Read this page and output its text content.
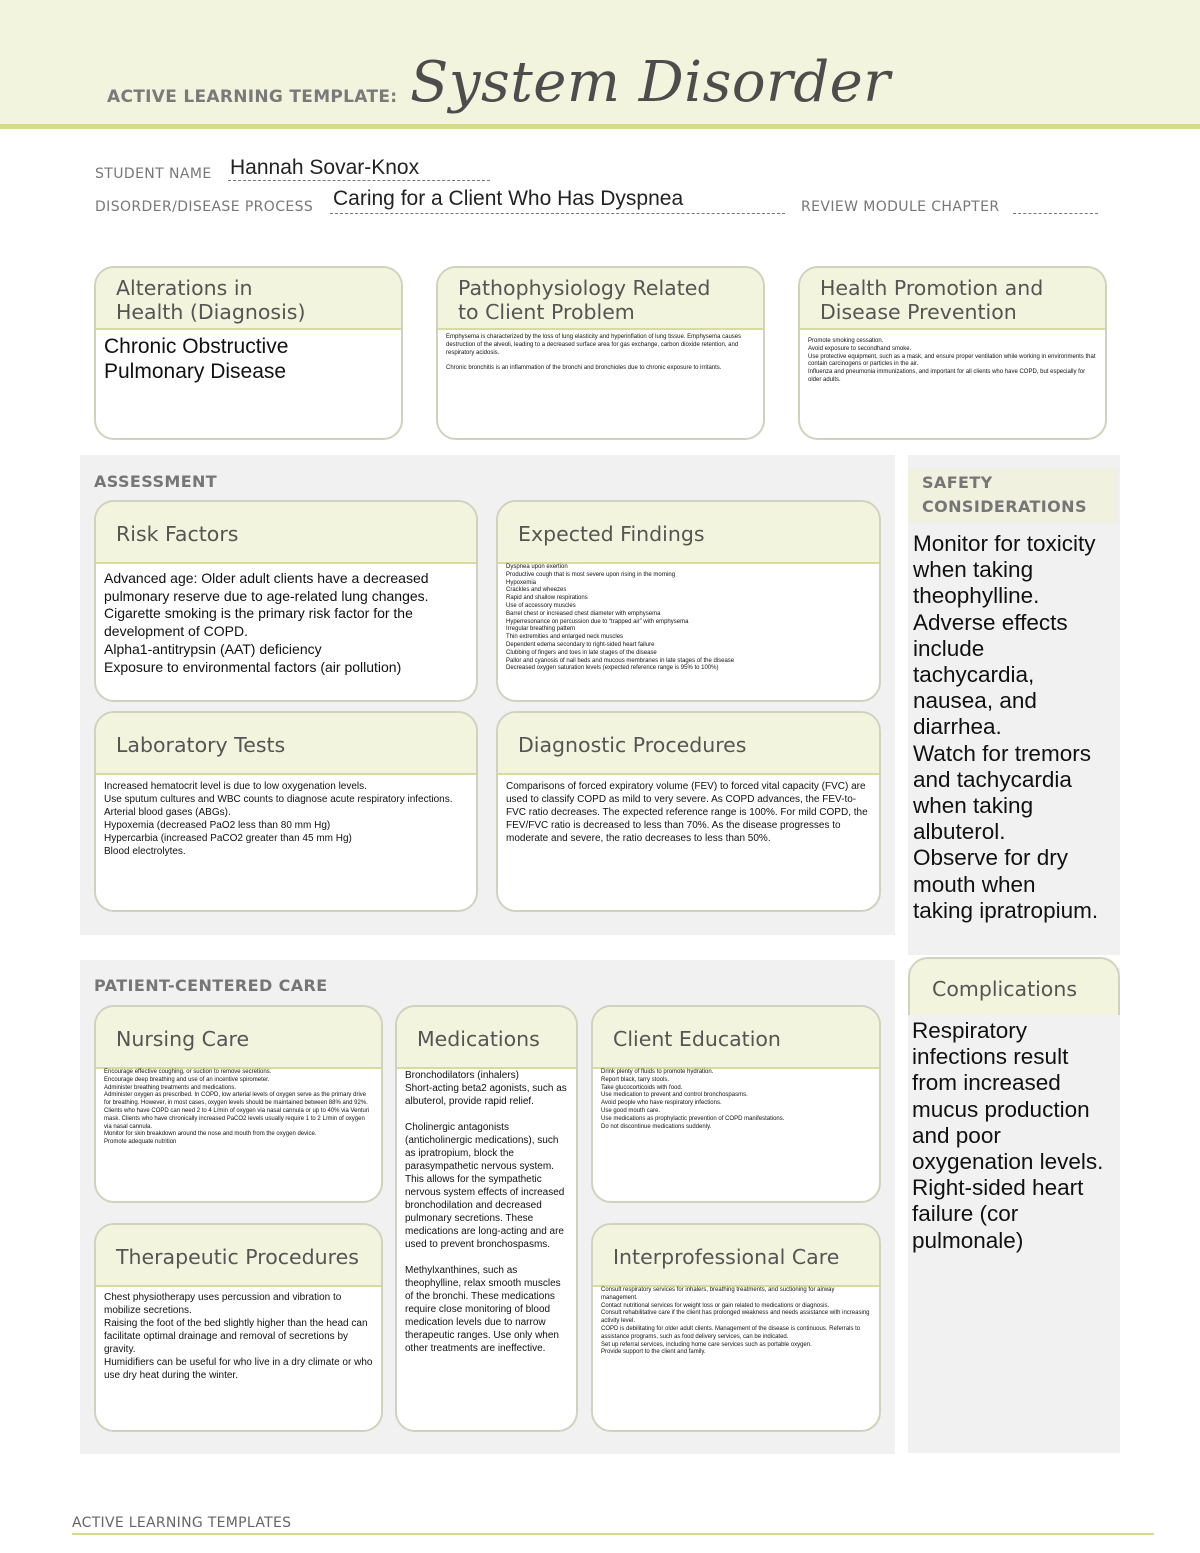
ACTIVE LEARNING TEMPLATE: System Disorder
STUDENT NAME Hannah Sovar-Knox
DISORDER/DISEASE PROCESS Caring for a Client Who Has Dyspnea	REVIEW MODULE CHAPTER
Alterations in
Health (Diagnosis)
Chronic Obstructive
Pulmonary Disease
Pathophysiology Related
to Client Problem
Emphysema is characterized by the loss of lung elasticity and hyperinflation of lung tissue. Emphysema causes destruction of the alveoli, leading to a decreased surface area for gas exchange, carbon dioxide retention, and respiratory acidosis.

Chronic bronchitis is an inflammation of the bronchi and bronchioles due to chronic exposure to irritants.
Health Promotion and
Disease Prevention
Promote smoking cessation.
Avoid exposure to secondhand smoke.
Use protective equipment, such as a mask, and ensure proper ventilation while working in environments that contain carcinogens or particles in the air.
Influenza and pneumonia immunizations, and important for all clients who have COPD, but especially for older adults.
ASSESSMENT
Risk Factors
Advanced age: Older adult clients have a decreased pulmonary reserve due to age-related lung changes.
Cigarette smoking is the primary risk factor for the development of COPD.
Alpha1-antitrypsin (AAT) deficiency
Exposure to environmental factors (air pollution)
Expected Findings
Dyspnea upon exertion
Productive cough that is most severe upon rising in the morning
Hypoxemia
Crackles and wheezes
Rapid and shallow respirations
Use of accessory muscles
Barrel chest or increased chest diameter with emphysema
Hyperresonance on percussion due to “trapped air” with emphysema
Irregular breathing pattern
Thin extremities and enlarged neck muscles
Dependent edema secondary to right-sided heart failure
Clubbing of fingers and toes in late stages of the disease
Pallor and cyanosis of nail beds and mucous membranes in late stages of the disease
Decreased oxygen saturation levels (expected reference range is 95% to 100%)
Laboratory Tests
Increased hematocrit level is due to low oxygenation levels.
Use sputum cultures and WBC counts to diagnose acute respiratory infections.
Arterial blood gases (ABGs).
Hypoxemia (decreased PaO2 less than 80 mm Hg)
Hypercarbia (increased PaCO2 greater than 45 mm Hg)
Blood electrolytes.
Diagnostic Procedures
Comparisons of forced expiratory volume (FEV) to forced vital capacity (FVC) are used to classify COPD as mild to very severe. As COPD advances, the FEV-to-FVC ratio decreases. The expected reference range is 100%. For mild COPD, the FEV/FVC ratio is decreased to less than 70%. As the disease progresses to moderate and severe, the ratio decreases to less than 50%.
SAFETY
CONSIDERATIONS
Monitor for toxicity
when taking
theophylline.
Adverse effects
include
tachycardia,
nausea, and
diarrhea.
Watch for tremors
and tachycardia
when taking
albuterol.
Observe for dry
mouth when
taking ipratropium.
PATIENT-CENTERED CARE
Nursing Care
Encourage effective coughing, or suction to remove secretions.
Encourage deep breathing and use of an incentive spirometer.
Administer breathing treatments and medications.
Administer oxygen as prescribed. In COPD, low arterial levels of oxygen serve as the primary drive for breathing. However, in most cases, oxygen levels should be maintained between 88% and 92%.
Clients who have COPD can need 2 to 4 L/min of oxygen via nasal cannula or up to 40% via Venturi mask. Clients who have chronically increased PaCO2 levels usually require 1 to 2 L/min of oxygen via nasal cannula.
Monitor for skin breakdown around the nose and mouth from the oxygen device.
Promote adequate nutrition
Medications
Bronchodilators (inhalers)
Short-acting beta2 agonists, such as albuterol, provide rapid relief.

Cholinergic antagonists (anticholinergic medications), such as ipratropium, block the parasympathetic nervous system. This allows for the sympathetic nervous system effects of increased bronchodilation and decreased pulmonary secretions. These medications are long-acting and are used to prevent bronchospasms.

Methylxanthines, such as theophylline, relax smooth muscles of the bronchi. These medications require close monitoring of blood medication levels due to narrow therapeutic ranges. Use only when other treatments are ineffective.
Client Education
Drink plenty of fluids to promote hydration.
Report black, tarry stools.
Take glucocorticoids with food.
Use medication to prevent and control bronchospasms.
Avoid people who have respiratory infections.
Use good mouth care.
Use medications as prophylactic prevention of COPD manifestations.
Do not discontinue medications suddenly.
Therapeutic Procedures
Chest physiotherapy uses percussion and vibration to mobilize secretions.
Raising the foot of the bed slightly higher than the head can facilitate optimal drainage and removal of secretions by gravity.
Humidifiers can be useful for who live in a dry climate or who use dry heat during the winter.
Interprofessional Care
Consult respiratory services for inhalers, breathing treatments, and suctioning for airway management.
Contact nutritional services for weight loss or gain related to medications or diagnosis.
Consult rehabilitative care if the client has prolonged weakness and needs assistance with increasing activity level.
COPD is debilitating for older adult clients. Management of the disease is continuous. Referrals to assistance programs, such as food delivery services, can be indicated.
Set up referral services, including home care services such as portable oxygen.
Provide support to the client and family.
Complications
Respiratory
infections result
from increased
mucus production
and poor
oxygenation levels.
Right-sided heart
failure (cor
pulmonale)
ACTIVE LEARNING TEMPLATES
